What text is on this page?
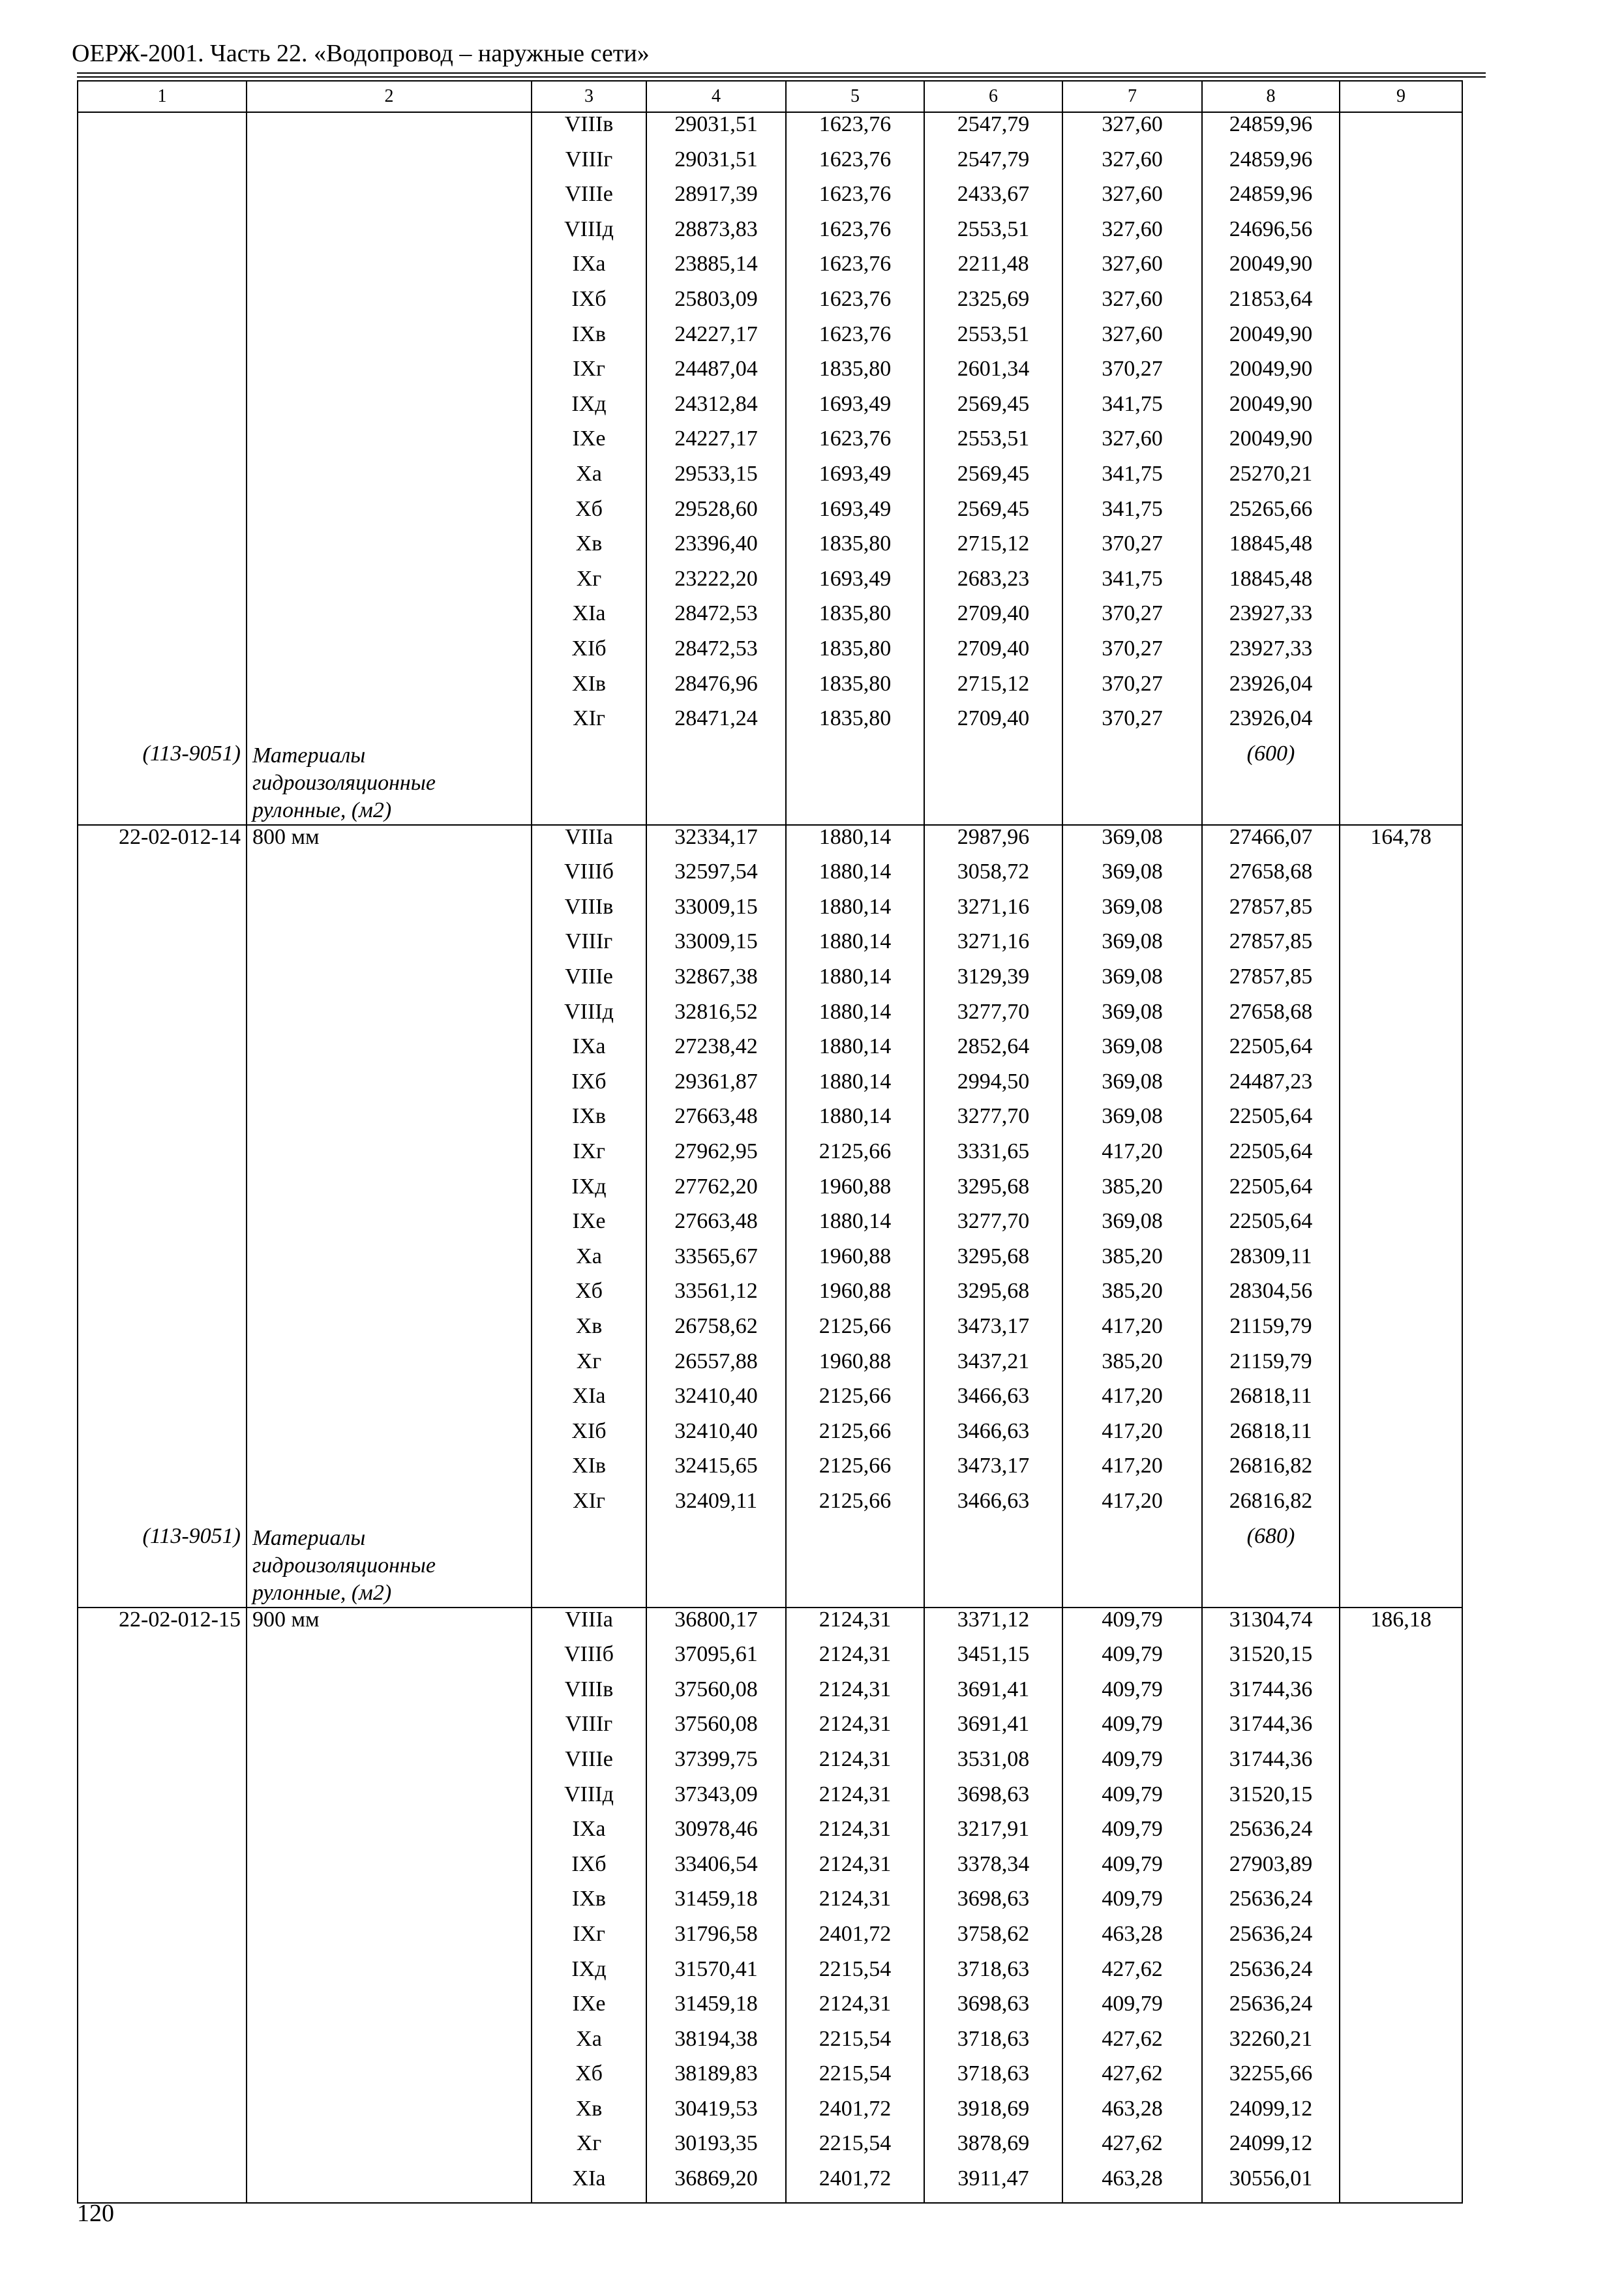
ОЕРЖ-2001. Часть 22. «Водопровод – наружные сети»
1	2	3	4	5	6	7	8	9
		VIIIв	29031,51	1623,76	2547,79	327,60	24859,96	
		VIIIг	29031,51	1623,76	2547,79	327,60	24859,96	
		VIIIе	28917,39	1623,76	2433,67	327,60	24859,96	
		VIIIд	28873,83	1623,76	2553,51	327,60	24696,56	
		IXа	23885,14	1623,76	2211,48	327,60	20049,90	
		IXб	25803,09	1623,76	2325,69	327,60	21853,64	
		IXв	24227,17	1623,76	2553,51	327,60	20049,90	
		IXг	24487,04	1835,80	2601,34	370,27	20049,90	
		IXд	24312,84	1693,49	2569,45	341,75	20049,90	
		IXе	24227,17	1623,76	2553,51	327,60	20049,90	
		Xа	29533,15	1693,49	2569,45	341,75	25270,21	
		Xб	29528,60	1693,49	2569,45	341,75	25265,66	
		Xв	23396,40	1835,80	2715,12	370,27	18845,48	
		Xг	23222,20	1693,49	2683,23	341,75	18845,48	
		XIа	28472,53	1835,80	2709,40	370,27	23927,33	
		XIб	28472,53	1835,80	2709,40	370,27	23927,33	
		XIв	28476,96	1835,80	2715,12	370,27	23926,04	
		XIг	28471,24	1835,80	2709,40	370,27	23926,04	
(113-9051)	Материалы гидроизоляционные рулонные, (м2)						(600)	
22-02-012-14	800 мм	VIIIа	32334,17	1880,14	2987,96	369,08	27466,07	164,78
		VIIIб	32597,54	1880,14	3058,72	369,08	27658,68	
		VIIIв	33009,15	1880,14	3271,16	369,08	27857,85	
		VIIIг	33009,15	1880,14	3271,16	369,08	27857,85	
		VIIIе	32867,38	1880,14	3129,39	369,08	27857,85	
		VIIIд	32816,52	1880,14	3277,70	369,08	27658,68	
		IXа	27238,42	1880,14	2852,64	369,08	22505,64	
		IXб	29361,87	1880,14	2994,50	369,08	24487,23	
		IXв	27663,48	1880,14	3277,70	369,08	22505,64	
		IXг	27962,95	2125,66	3331,65	417,20	22505,64	
		IXд	27762,20	1960,88	3295,68	385,20	22505,64	
		IXе	27663,48	1880,14	3277,70	369,08	22505,64	
		Xа	33565,67	1960,88	3295,68	385,20	28309,11	
		Xб	33561,12	1960,88	3295,68	385,20	28304,56	
		Xв	26758,62	2125,66	3473,17	417,20	21159,79	
		Xг	26557,88	1960,88	3437,21	385,20	21159,79	
		XIа	32410,40	2125,66	3466,63	417,20	26818,11	
		XIб	32410,40	2125,66	3466,63	417,20	26818,11	
		XIв	32415,65	2125,66	3473,17	417,20	26816,82	
		XIг	32409,11	2125,66	3466,63	417,20	26816,82	
(113-9051)	Материалы гидроизоляционные рулонные, (м2)						(680)	
22-02-012-15	900 мм	VIIIа	36800,17	2124,31	3371,12	409,79	31304,74	186,18
		VIIIб	37095,61	2124,31	3451,15	409,79	31520,15	
		VIIIв	37560,08	2124,31	3691,41	409,79	31744,36	
		VIIIг	37560,08	2124,31	3691,41	409,79	31744,36	
		VIIIе	37399,75	2124,31	3531,08	409,79	31744,36	
		VIIIд	37343,09	2124,31	3698,63	409,79	31520,15	
		IXа	30978,46	2124,31	3217,91	409,79	25636,24	
		IXб	33406,54	2124,31	3378,34	409,79	27903,89	
		IXв	31459,18	2124,31	3698,63	409,79	25636,24	
		IXг	31796,58	2401,72	3758,62	463,28	25636,24	
		IXд	31570,41	2215,54	3718,63	427,62	25636,24	
		IXе	31459,18	2124,31	3698,63	409,79	25636,24	
		Xа	38194,38	2215,54	3718,63	427,62	32260,21	
		Xб	38189,83	2215,54	3718,63	427,62	32255,66	
		Xв	30419,53	2401,72	3918,69	463,28	24099,12	
		Xг	30193,35	2215,54	3878,69	427,62	24099,12	
		XIа	36869,20	2401,72	3911,47	463,28	30556,01	
120
